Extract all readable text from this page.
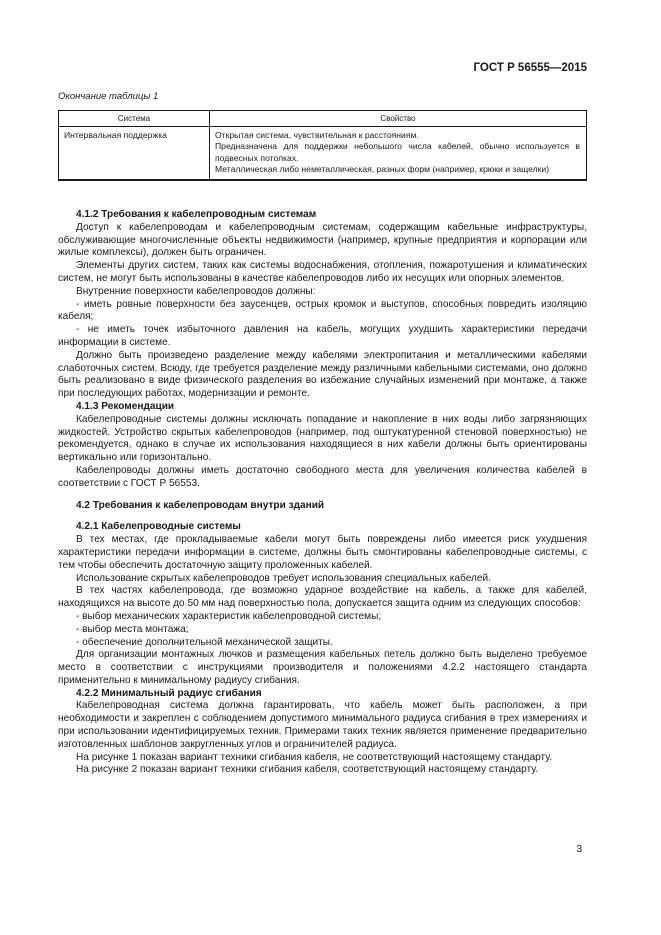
ГОСТ Р 56555—2015
Окончание таблицы 1
Система	Свойство
Интервальная поддержка	Открытая система, чувствительная к расстояниям.

Предназначена для поддержки небольшого числа кабелей, обычно используется в подвесных потолках.

Металлическая либо неметаллическая, разных форм (например, крюки и защелки)

4.1.2 Требования к кабелепроводным системам

Доступ к кабелепроводам и кабелепроводным системам, содержащим кабельные инфраструктуры, обслуживающие многочисленные объекты недвижимости (например, крупные предприятия и корпорации или жилые комплексы), должен быть ограничен.

Элементы других систем, таких как системы водоснабжения, отопления, пожаротушения и климатических систем, не могут быть использованы в качестве кабелепроводов либо их несущих или опорных элементов.

Внутренние поверхности кабелепроводов должны:

- иметь ровные поверхности без заусенцев, острых кромок и выступов, способных повредить изоляцию кабеля;

- не иметь точек избыточного давления на кабель, могущих ухудшить характеристики передачи информации в системе.

Должно быть произведено разделение между кабелями электропитания и металлическими кабелями слаботочных систем. Всюду, где требуется разделение между различными кабельными системами, оно должно быть реализовано в виде физического разделения во избежание случайных изменений при монтаже, а также при последующих работах, модернизации и ремонте.

4.1.3 Рекомендации

Кабелепроводные системы должны исключать попадание и накопление в них воды либо загрязняющих жидкостей. Устройство скрытых кабелепроводов (например, под оштукатуренной стеновой поверхностью) не рекомендуется, однако в случае их использования находящиеся в них кабели должны быть ориентированы вертикально или горизонтально.

Кабелепроводы должны иметь достаточно свободного места для увеличения количества кабелей в соответствии с ГОСТ Р 56553.

4.2 Требования к кабелепроводам внутри зданий

4.2.1 Кабелепроводные системы

В тех местах, где прокладываемые кабели могут быть повреждены либо имеется риск ухудшения характеристики передачи информации в системе, должны быть смонтированы кабелепроводные системы, с тем чтобы обеспечить достаточную защиту проложенных кабелей.

Использование скрытых кабелепроводов требует использования специальных кабелей.

В тех частях кабелепровода, где возможно ударное воздействие на кабель, а также для кабелей, находящихся на высоте до 50 мм над поверхностью пола, допускается защита одним из следующих способов:

- выбор механических характеристик кабелепроводной системы;

- выбор места монтажа;

- обеспечение дополнительной механической защиты.

Для организации монтажных лючков и размещения кабельных петель должно быть выделено требуемое место в соответствии с инструкциями производителя и положениями 4.2.2 настоящего стандарта применительно к минимальному радиусу сгибания.

4.2.2 Минимальный радиус сгибания

Кабелепроводная система должна гарантировать, что кабель может быть расположен, а при необходимости и закреплен с соблюдением допустимого минимального радиуса сгибания в трех измерениях и при использовании идентифицируемых техник. Примерами таких техник является применение предварительно изготовленных шаблонов закругленных углов и ограничителей радиуса.

На рисунке 1 показан вариант техники сгибания кабеля, не соответствующий настоящему стандарту.

На рисунке 2 показан вариант техники сгибания кабеля, соответствующий настоящему стандарту.

3
